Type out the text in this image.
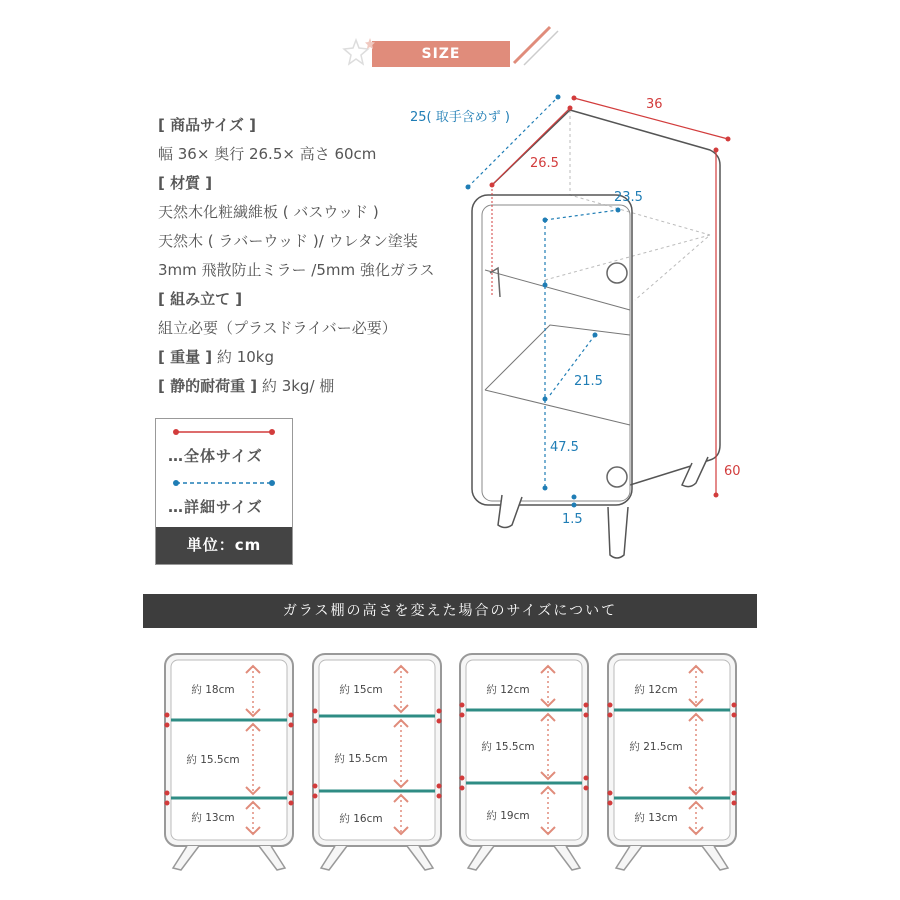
SIZE
[ 商品サイズ ]
幅 36× 奥行 26.5× 高さ 60cm
[ 材質 ]
天然木化粧繊維板 ( バスウッド )
天然木 ( ラバーウッド )/ ウレタン塗装
3mm 飛散防止ミラー /5mm 強化ガラス
[ 組み立て ]
組立必要（プラスドライバー必要）
[ 重量 ] 約 10kg
[ 静的耐荷重 ] 約 3kg/ 棚
…全体サイズ
…詳細サイズ
単位：cm
25( 取手含めず )
36
26.5
23.5
60
21.5
47.5
1.5
ガラス棚の高さを変えた場合のサイズについて
約 18cm
約 15.5cm
約 13cm
約 15cm
約 15.5cm
約 16cm
約 12cm
約 15.5cm
約 19cm
約 12cm
約 21.5cm
約 13cm
